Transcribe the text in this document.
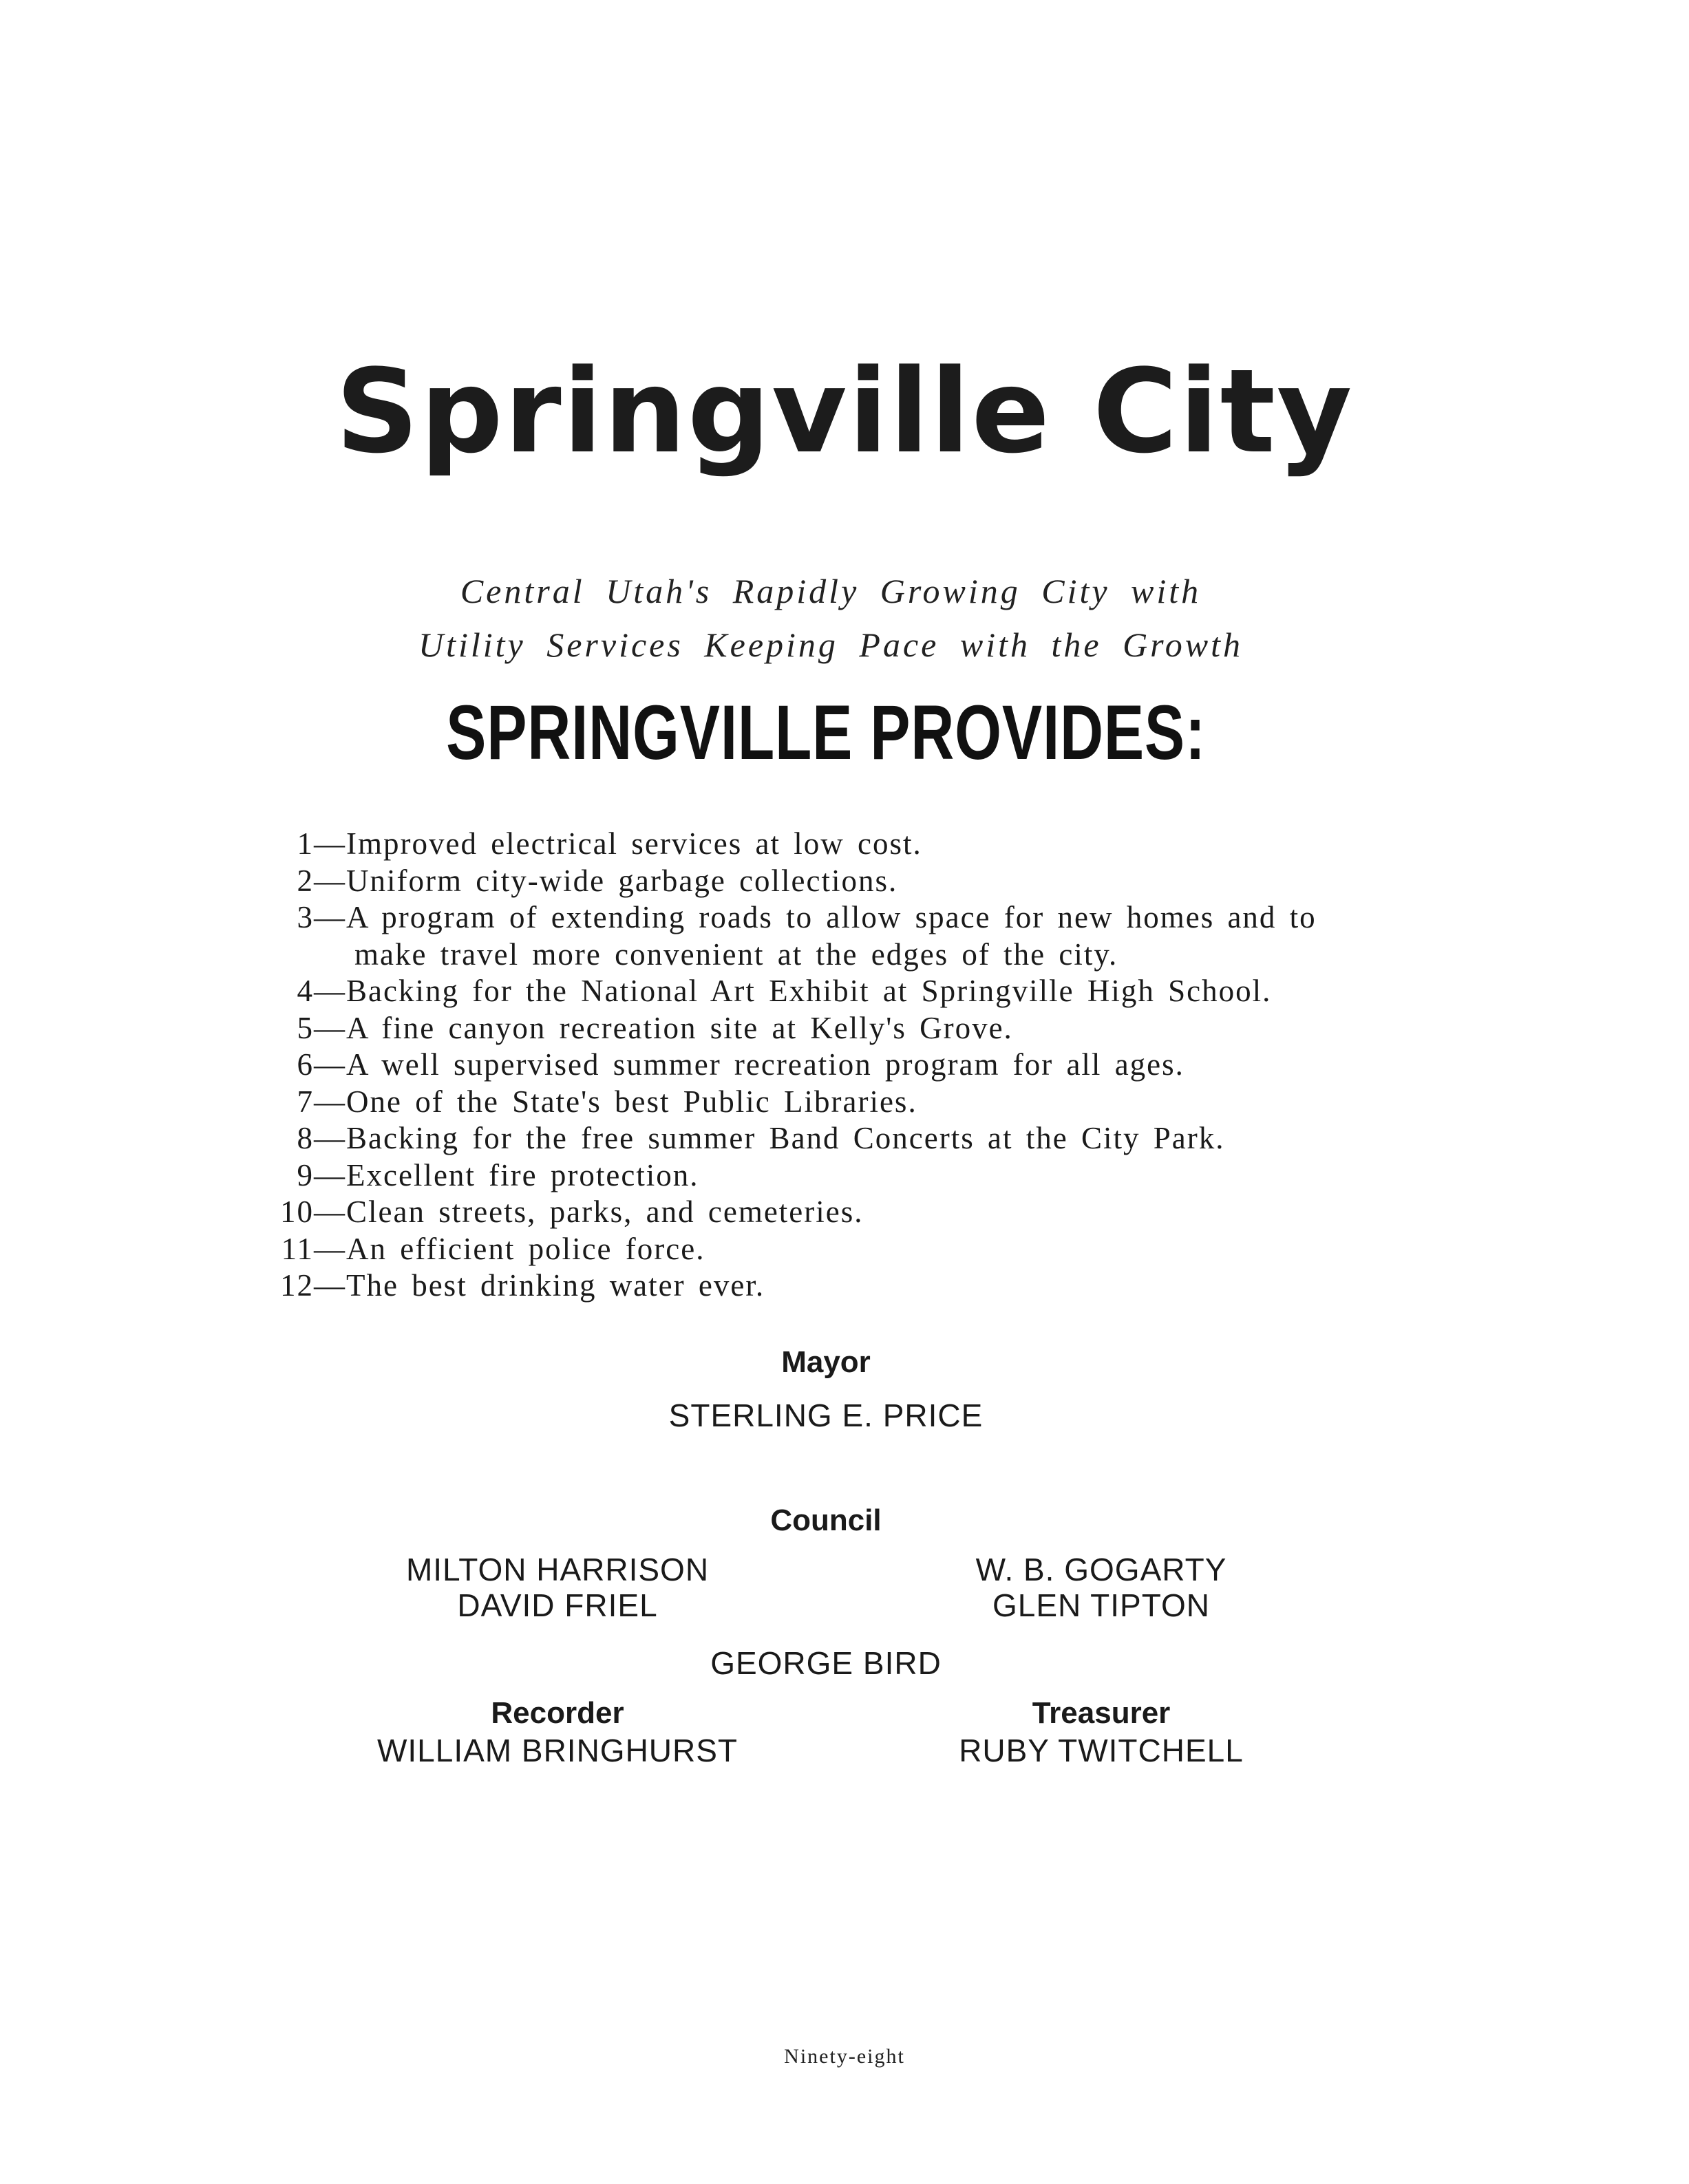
Springville City
Central Utah's Rapidly Growing City with
Utility Services Keeping Pace with the Growth
SPRINGVILLE PROVIDES:
1— Improved electrical services at low cost.
2— Uniform city-wide garbage collections.
3— A program of extending roads to allow space for new homes and to
make travel more convenient at the edges of the city.
4— Backing for the National Art Exhibit at Springville High School.
5— A fine canyon recreation site at Kelly's Grove.
6— A well supervised summer recreation program for all ages.
7— One of the State's best Public Libraries.
8— Backing for the free summer Band Concerts at the City Park.
9— Excellent fire protection.
10— Clean streets, parks, and cemeteries.
11— An efficient police force.
12— The best drinking water ever.
Mayor
STERLING E. PRICE
Council
MILTON HARRISON
DAVID FRIEL
W. B. GOGARTY
GLEN TIPTON
GEORGE BIRD
Recorder
WILLIAM BRINGHURST
Treasurer
RUBY TWITCHELL
Ninety-eight
